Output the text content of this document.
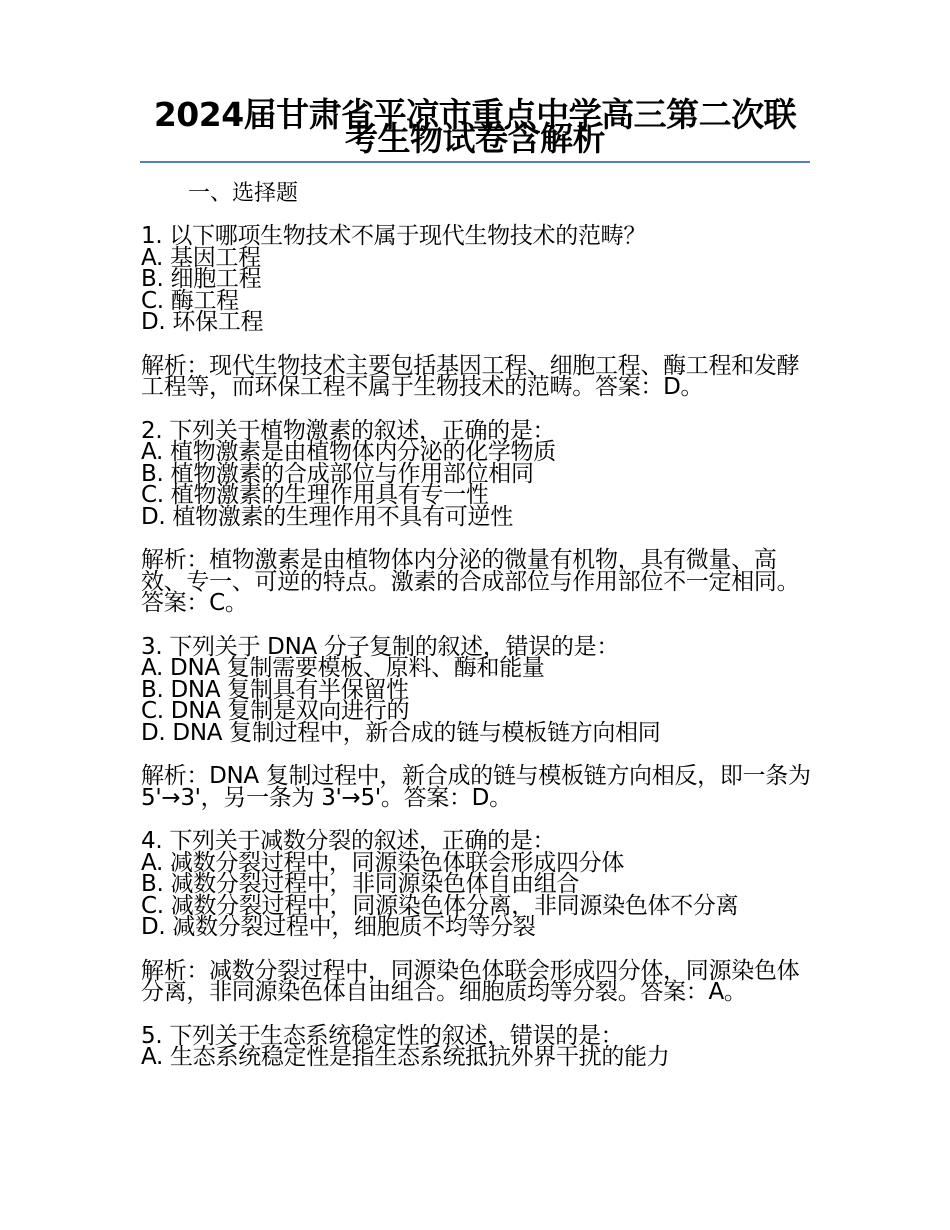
2024届甘肃省平凉市重点中学高三第二次联考生物试卷含解析
一、选择题

1. 以下哪项生物技术不属于现代生物技术的范畴？

A. 基因工程

B. 细胞工程

C. 酶工程

D. 环保工程

解析：现代生物技术主要包括基因工程、细胞工程、酶工程和发酵工程等，而环保工程不属于生物技术的范畴。答案：D。

2. 下列关于植物激素的叙述，正确的是：

A. 植物激素是由植物体内分泌的化学物质

B. 植物激素的合成部位与作用部位相同

C. 植物激素的生理作用具有专一性

D. 植物激素的生理作用不具有可逆性

解析：植物激素是由植物体内分泌的微量有机物，具有微量、高效、专一、可逆的特点。激素的合成部位与作用部位不一定相同。答案：C。

3. 下列关于 DNA 分子复制的叙述，错误的是：

A. DNA 复制需要模板、原料、酶和能量

B. DNA 复制具有半保留性

C. DNA 复制是双向进行的

D. DNA 复制过程中，新合成的链与模板链方向相同

解析：DNA 复制过程中，新合成的链与模板链方向相反，即一条为 5'→3'，另一条为 3'→5'。答案：D。

4. 下列关于减数分裂的叙述，正确的是：

A. 减数分裂过程中，同源染色体联会形成四分体

B. 减数分裂过程中，非同源染色体自由组合

C. 减数分裂过程中，同源染色体分离，非同源染色体不分离

D. 减数分裂过程中，细胞质不均等分裂

解析：减数分裂过程中，同源染色体联会形成四分体，同源染色体分离，非同源染色体自由组合。细胞质均等分裂。答案：A。

5. 下列关于生态系统稳定性的叙述，错误的是：

A. 生态系统稳定性是指生态系统抵抗外界干扰的能力
